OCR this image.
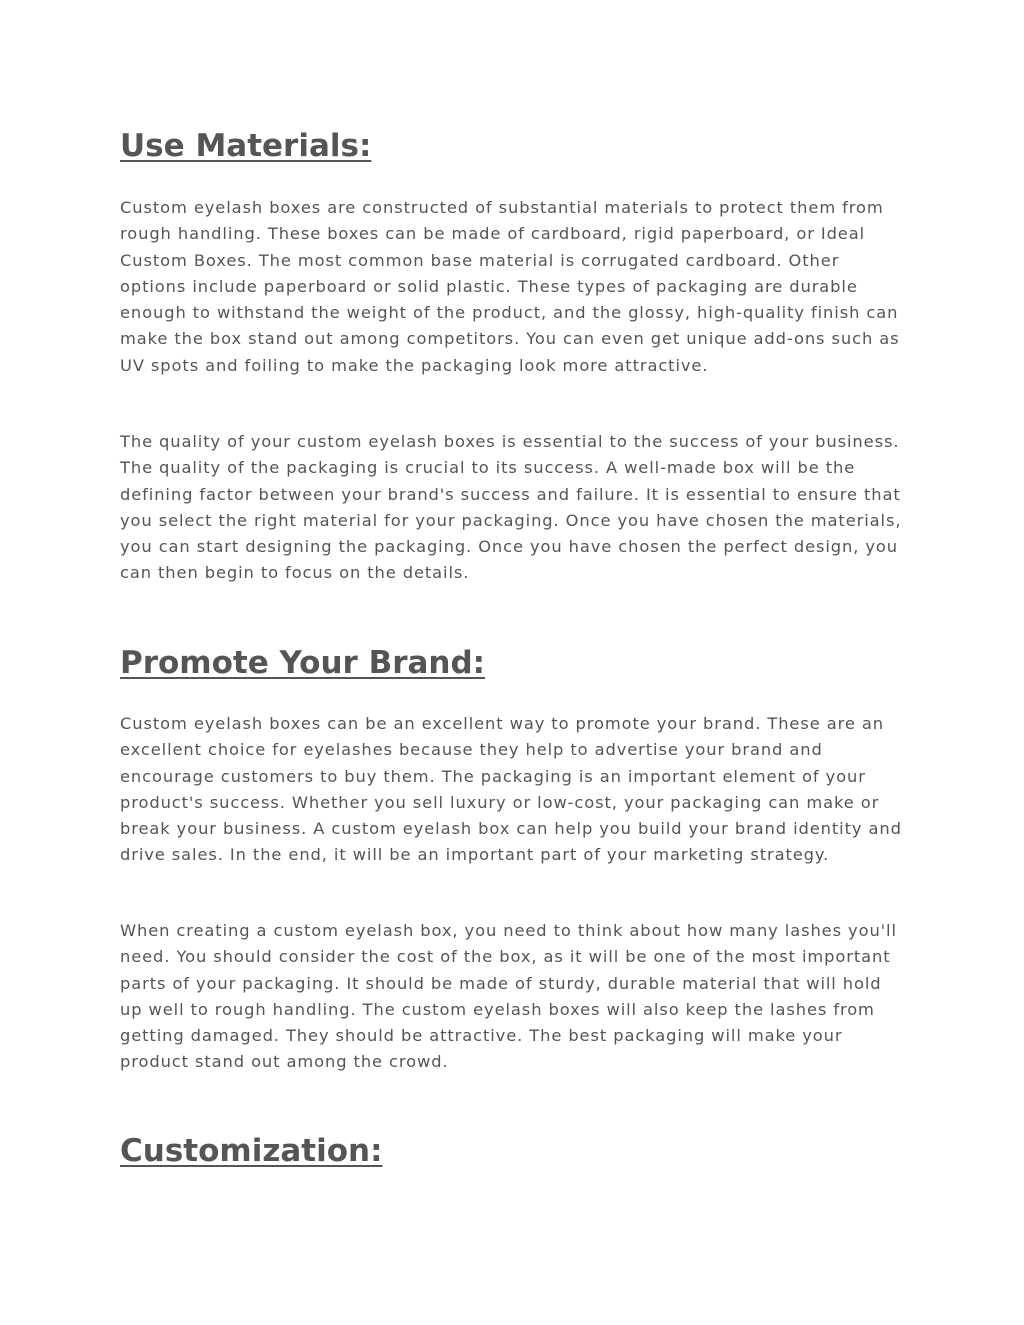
Use Materials:

Custom eyelash boxes are constructed of substantial materials to protect them from rough handling. These boxes can be made of cardboard, rigid paperboard, or Ideal Custom Boxes. The most common base material is corrugated cardboard. Other options include paperboard or solid plastic. These types of packaging are durable enough to withstand the weight of the product, and the glossy, high-quality finish can make the box stand out among competitors. You can even get unique add-ons such as UV spots and foiling to make the packaging look more attractive.

The quality of your custom eyelash boxes is essential to the success of your business. The quality of the packaging is crucial to its success. A well-made box will be the defining factor between your brand's success and failure. It is essential to ensure that you select the right material for your packaging. Once you have chosen the materials, you can start designing the packaging. Once you have chosen the perfect design, you can then begin to focus on the details.

Promote Your Brand:

Custom eyelash boxes can be an excellent way to promote your brand. These are an excellent choice for eyelashes because they help to advertise your brand and encourage customers to buy them. The packaging is an important element of your product's success. Whether you sell luxury or low-cost, your packaging can make or break your business. A custom eyelash box can help you build your brand identity and drive sales. In the end, it will be an important part of your marketing strategy.

When creating a custom eyelash box, you need to think about how many lashes you'll need. You should consider the cost of the box, as it will be one of the most important parts of your packaging. It should be made of sturdy, durable material that will hold up well to rough handling. The custom eyelash boxes will also keep the lashes from getting damaged. They should be attractive. The best packaging will make your product stand out among the crowd.

Customization:
